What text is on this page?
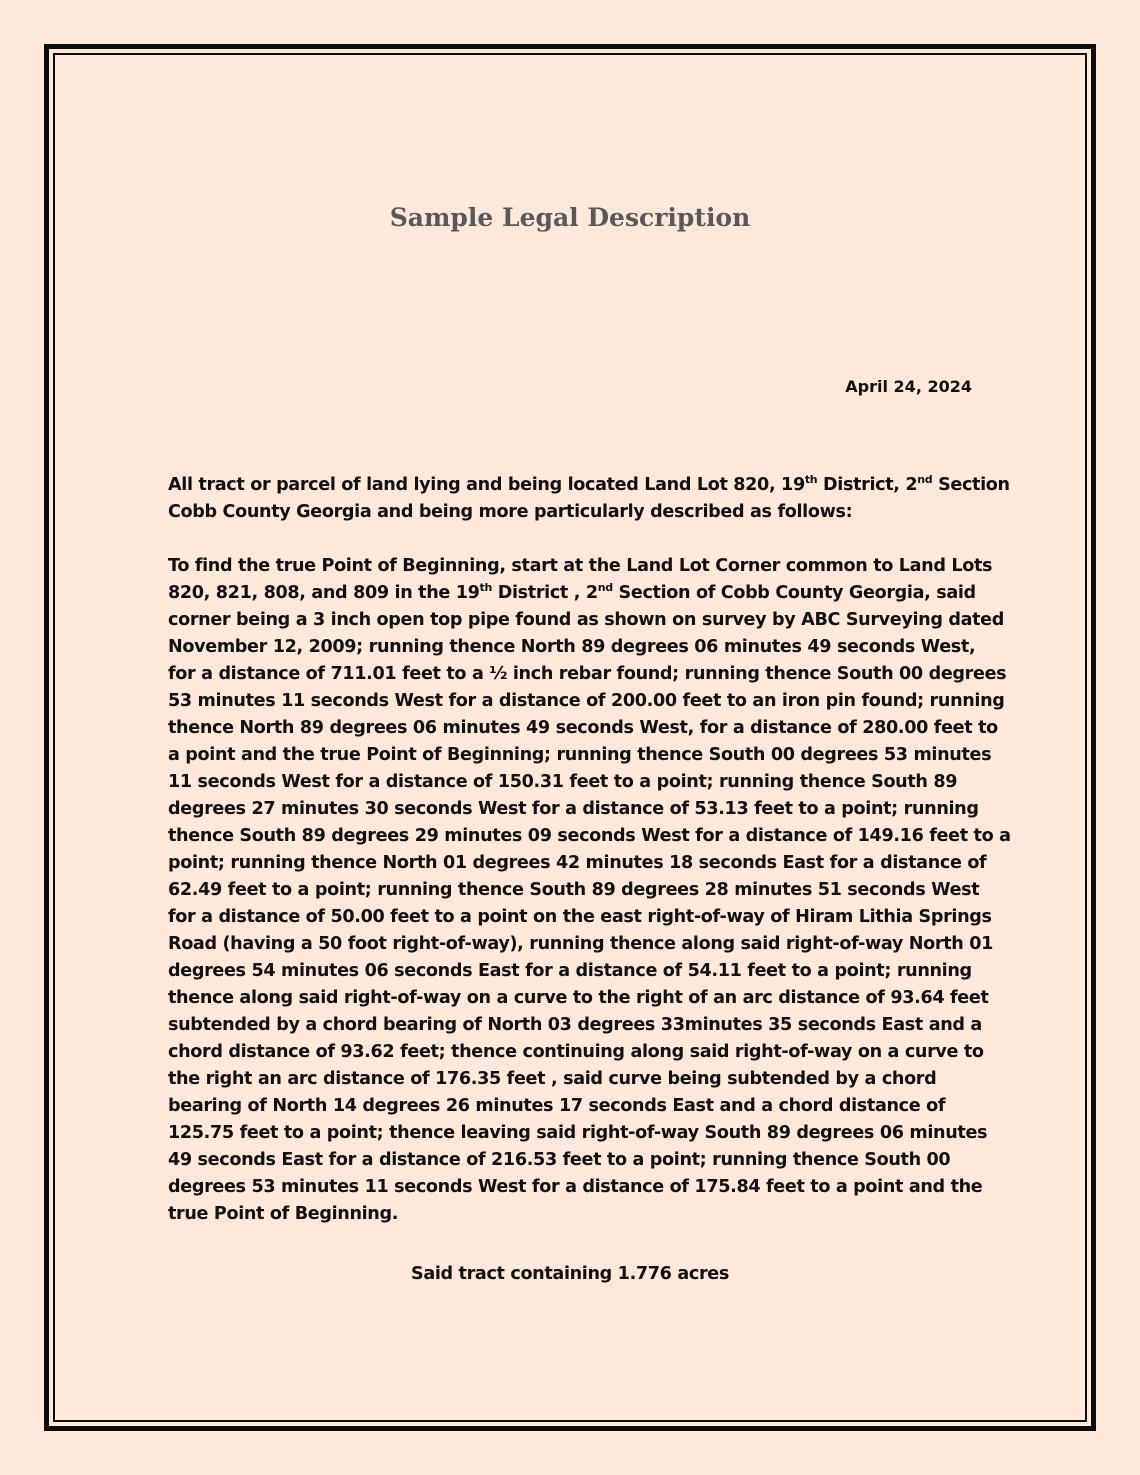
Sample Legal Description

April 24, 2024

All tract or parcel of land lying and being located Land Lot 820, 19th District, 2nd Section
Cobb County Georgia and being more particularly described as follows:

To find the true Point of Beginning, start at the Land Lot Corner common to Land Lots
820, 821, 808, and 809 in the 19th District , 2nd Section of Cobb County Georgia, said
corner being a 3 inch open top pipe found as shown on survey by ABC Surveying dated
November 12, 2009; running thence North 89 degrees 06 minutes 49 seconds West,
for a distance of 711.01 feet to a ½ inch rebar found; running thence South 00 degrees
53 minutes 11 seconds West for a distance of 200.00 feet to an iron pin found; running
thence North 89 degrees 06 minutes 49 seconds West, for a distance of 280.00 feet to
a point and the true Point of Beginning; running thence South 00 degrees 53 minutes
11 seconds West for a distance of 150.31 feet to a point; running thence South 89
degrees 27 minutes 30 seconds West for a distance of 53.13 feet to a point; running
thence South 89 degrees 29 minutes 09 seconds West for a distance of 149.16 feet to a
point; running thence North 01 degrees 42 minutes 18 seconds East for a distance of
62.49 feet to a point; running thence South 89 degrees 28 minutes 51 seconds West
for a distance of 50.00 feet to a point on the east right-of-way of Hiram Lithia Springs
Road (having a 50 foot right-of-way), running thence along said right-of-way North 01
degrees 54 minutes 06 seconds East for a distance of 54.11 feet to a point; running
thence along said right-of-way on a curve to the right of an arc distance of 93.64 feet
subtended by a chord bearing of North 03 degrees 33minutes 35 seconds East and a
chord distance of 93.62 feet; thence continuing along said right-of-way on a curve to
the right an arc distance of 176.35 feet , said curve being subtended by a chord
bearing of North 14 degrees 26 minutes 17 seconds East and a chord distance of
125.75 feet to a point; thence leaving said right-of-way South 89 degrees 06 minutes
49 seconds East for a distance of 216.53 feet to a point; running thence South 00
degrees 53 minutes 11 seconds West for a distance of 175.84 feet to a point and the
true Point of Beginning.

Said tract containing 1.776 acres
